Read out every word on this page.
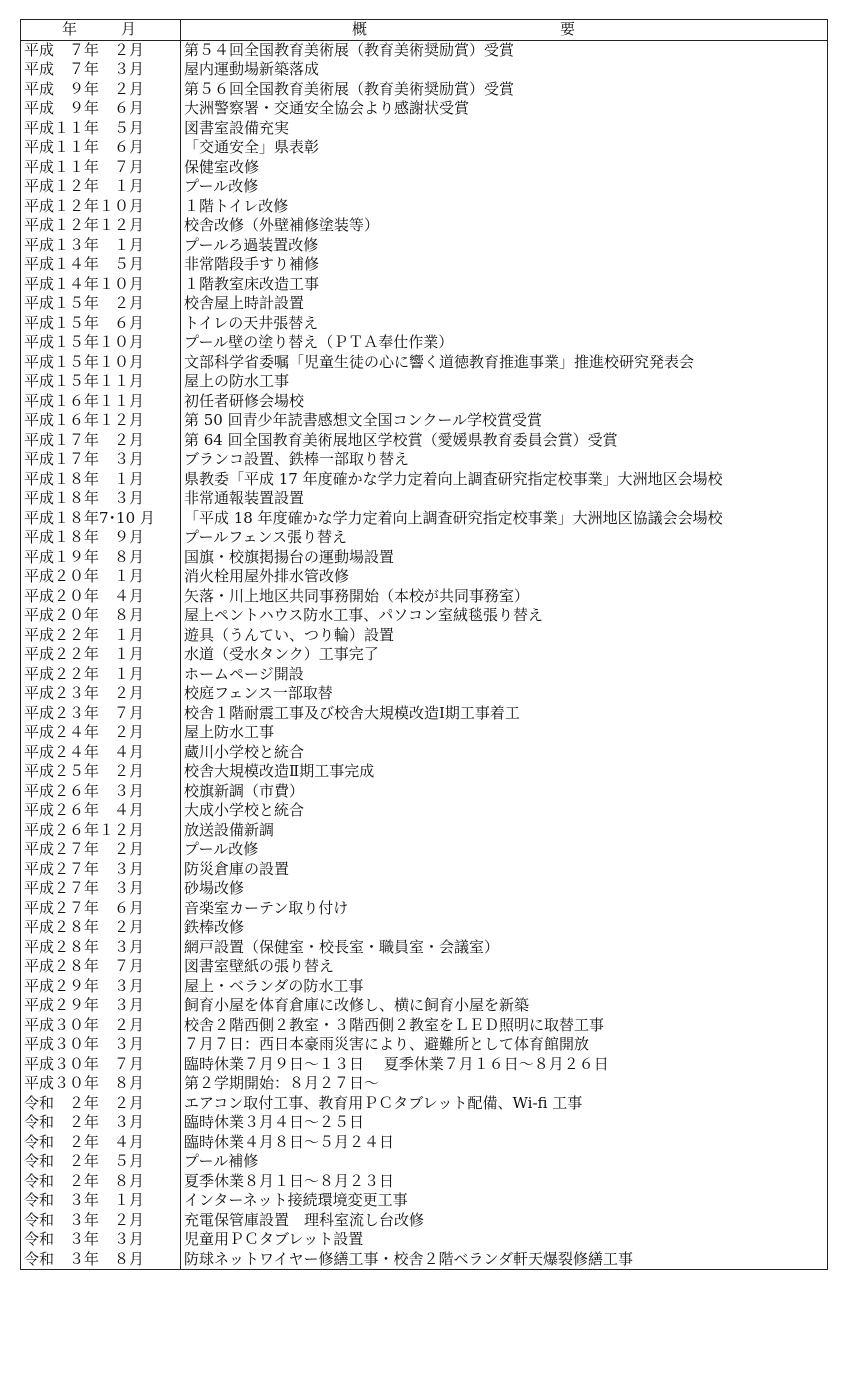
年 月	概 要

平成　７年　２月	第５４回全国教育美術展（教育美術奨励賞）受賞
平成　７年　３月	屋内運動場新築落成
平成　９年　２月	第５６回全国教育美術展（教育美術奨励賞）受賞
平成　９年　６月	大洲警察署・交通安全協会より感謝状受賞
平成１１年　５月	図書室設備充実
平成１１年　６月	「交通安全」県表彰
平成１１年　７月	保健室改修
平成１２年　１月	プール改修
平成１２年１０月	１階トイレ改修
平成１２年１２月	校舎改修（外壁補修塗装等）
平成１３年　１月	プールろ過装置改修
平成１４年　５月	非常階段手すり補修
平成１４年１０月	１階教室床改造工事
平成１５年　２月	校舎屋上時計設置
平成１５年　６月	トイレの天井張替え
平成１５年１０月	プール壁の塗り替え（ＰＴＡ奉仕作業）
平成１５年１０月	文部科学省委嘱「児童生徒の心に響く道徳教育推進事業」推進校研究発表会
平成１５年１１月	屋上の防水工事
平成１６年１１月	初任者研修会場校
平成１６年１２月	第 50 回青少年読書感想文全国コンクール学校賞受賞
平成１７年　２月	第 64 回全国教育美術展地区学校賞（愛媛県教育委員会賞）受賞
平成１７年　３月	ブランコ設置、鉄棒一部取り替え
平成１８年　１月	県教委「平成 17 年度確かな学力定着向上調査研究指定校事業」大洲地区会場校
平成１８年　３月	非常通報装置設置
平成１８年7･10 月	「平成 18 年度確かな学力定着向上調査研究指定校事業」大洲地区協議会会場校
平成１８年　９月	プールフェンス張り替え
平成１９年　８月	国旗・校旗掲揚台の運動場設置
平成２０年　１月	消火栓用屋外排水管改修
平成２０年　４月	矢落・川上地区共同事務開始（本校が共同事務室）
平成２０年　８月	屋上ペントハウス防水工事、パソコン室絨毯張り替え
平成２２年　１月	遊具（うんてい、つり輪）設置
平成２２年　１月	水道（受水タンク）工事完了
平成２２年　１月	ホームページ開設
平成２３年　２月	校庭フェンス一部取替
平成２３年　７月	校舎１階耐震工事及び校舎大規模改造Ⅰ期工事着工
平成２４年　２月	屋上防水工事
平成２４年　４月	蔵川小学校と統合
平成２５年　２月	校舎大規模改造Ⅱ期工事完成
平成２６年　３月	校旗新調（市費）
平成２６年　４月	大成小学校と統合
平成２６年１２月	放送設備新調
平成２７年　２月	プール改修
平成２７年　３月	防災倉庫の設置
平成２７年　３月	砂場改修
平成２７年　６月	音楽室カーテン取り付け
平成２８年　２月	鉄棒改修
平成２８年　３月	網戸設置（保健室・校長室・職員室・会議室）
平成２８年　７月	図書室壁紙の張り替え
平成２９年　３月	屋上・ベランダの防水工事
平成２９年　３月	飼育小屋を体育倉庫に改修し、横に飼育小屋を新築
平成３０年　２月	校舎２階西側２教室・３階西側２教室をＬＥＤ照明に取替工事
平成３０年　３月	７月７日：西日本豪雨災害により、避難所として体育館開放
平成３０年　７月	臨時休業７月９日～１３日　 夏季休業７月１６日～８月２６日
平成３０年　８月	第２学期開始：８月２７日～
令和　２年　２月	エアコン取付工事、教育用ＰＣタブレット配備、Wi-fi 工事
令和　２年　３月	臨時休業３月４日～２５日
令和　２年　４月	臨時休業４月８日～５月２４日
令和　２年　５月	プール補修
令和　２年　８月	夏季休業８月１日～８月２３日
令和　３年　１月	インターネット接続環境変更工事
令和　３年　２月	充電保管庫設置　理科室流し台改修
令和　３年　３月	児童用ＰＣタブレット設置
令和　３年　８月	防球ネットワイヤー修繕工事・校舎２階ベランダ軒天爆裂修繕工事
